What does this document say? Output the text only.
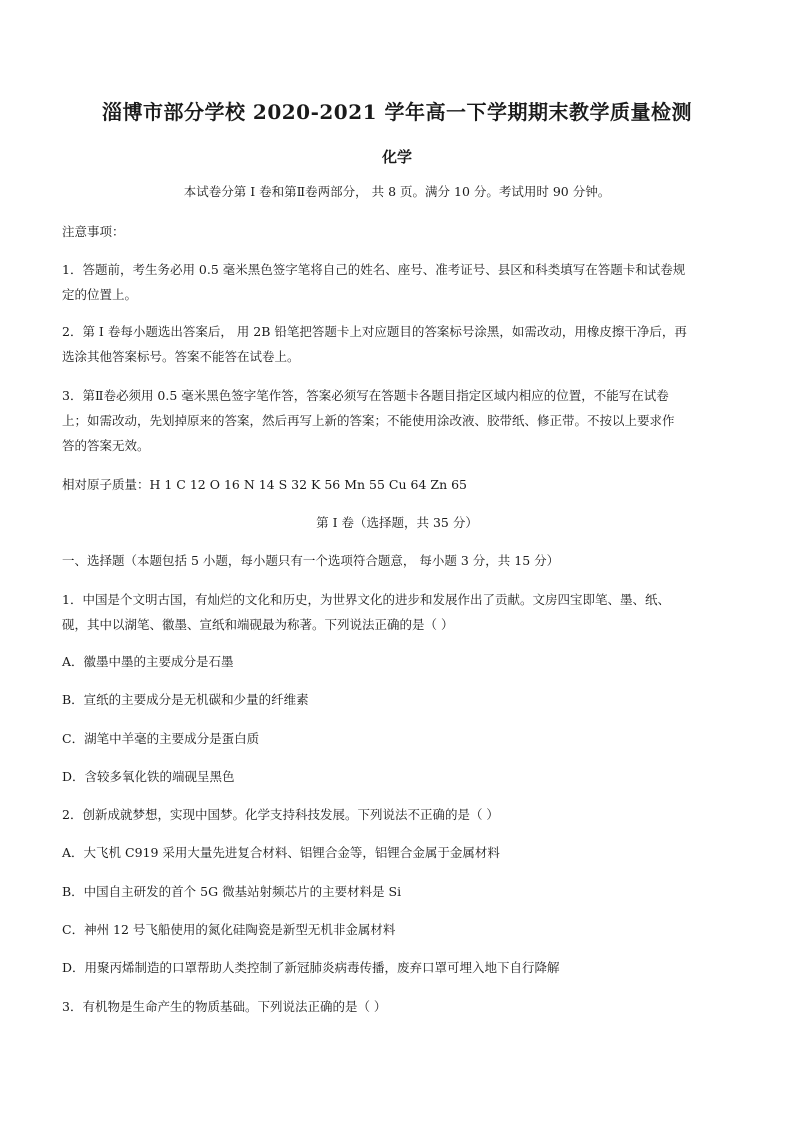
淄博市部分学校 2020-2021 学年高一下学期期末教学质量检测
化学
本试卷分第 I 卷和第Ⅱ卷两部分， 共 8 页。满分 10 分。考试用时 90 分钟。
注意事项：
1．答题前，考生务必用 0.5 毫米黑色签字笔将自己的姓名、座号、准考证号、县区和科类填写在答题卡和试卷规
定的位置上。
2．第 I 卷每小题选出答案后， 用 2B 铅笔把答题卡上对应题目的答案标号涂黑，如需改动，用橡皮擦干净后，再
选涂其他答案标号。答案不能答在试卷上。
3．第Ⅱ卷必须用 0.5 毫米黑色签字笔作答，答案必须写在答题卡各题目指定区域内相应的位置，不能写在试卷
上；如需改动，先划掉原来的答案，然后再写上新的答案；不能使用涂改液、胶带纸、修正带。不按以上要求作
答的答案无效。
相对原子质量：H 1 C 12 O 16 N 14 S 32 K 56 Mn 55 Cu 64 Zn 65
第 I 卷（选择题，共 35 分）
一、选择题（本题包括 5 小题，每小题只有一个选项符合题意， 每小题 3 分，共 15 分）
1．中国是个文明古国，有灿烂的文化和历史，为世界文化的进步和发展作出了贡献。文房四宝即笔、墨、纸、
砚，其中以湖笔、徽墨、宣纸和端砚最为称著。下列说法正确的是（ ）
A．徽墨中墨的主要成分是石墨
B．宣纸的主要成分是无机碳和少量的纤维素
C．湖笔中羊毫的主要成分是蛋白质
D．含较多氧化铁的端砚呈黑色
2．创新成就梦想，实现中国梦。化学支持科技发展。下列说法不正确的是（ ）
A．大飞机 C919 采用大量先进复合材料、铝锂合金等，铝锂合金属于金属材料
B．中国自主研发的首个 5G 微基站射频芯片的主要材料是 Si
C．神州 12 号飞船使用的氮化硅陶瓷是新型无机非金属材料
D．用聚丙烯制造的口罩帮助人类控制了新冠肺炎病毒传播，废弃口罩可埋入地下自行降解
3．有机物是生命产生的物质基础。下列说法正确的是（ ）
